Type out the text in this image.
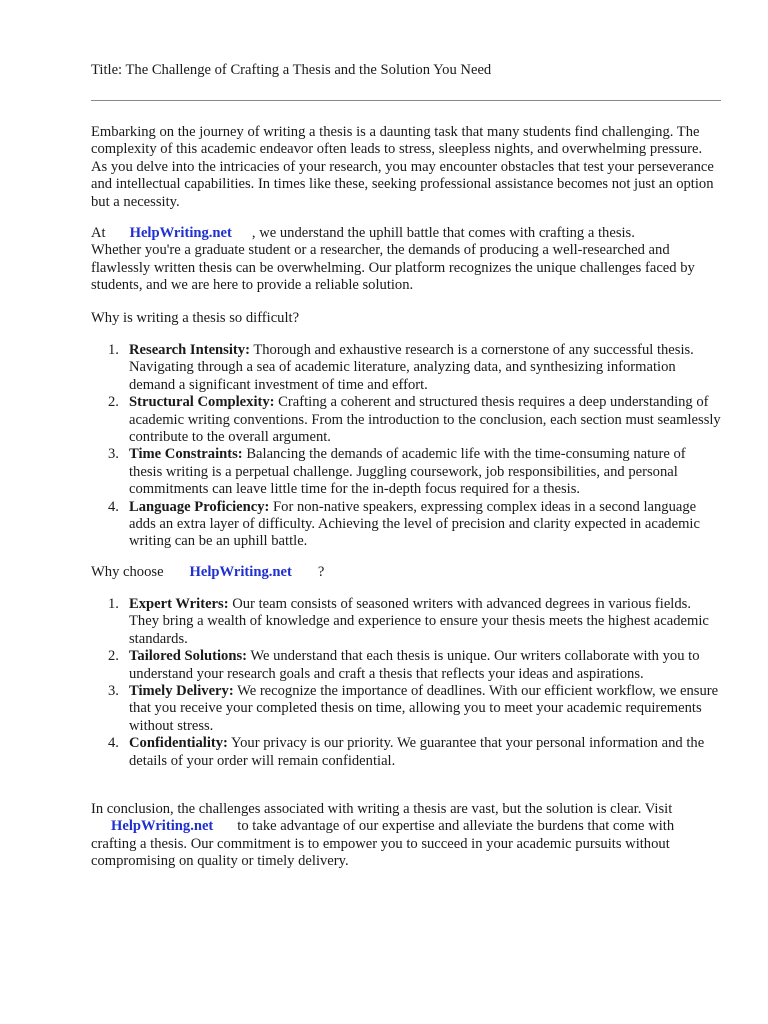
Title: The Challenge of Crafting a Thesis and the Solution You Need

Embarking on the journey of writing a thesis is a daunting task that many students find challenging. The complexity of this academic endeavor often leads to stress, sleepless nights, and overwhelming pressure. As you delve into the intricacies of your research, you may encounter obstacles that test your perseverance and intellectual capabilities. In times like these, seeking professional assistance becomes not just an option but a necessity.

At HelpWriting.net , we understand the uphill battle that comes with crafting a thesis.
Whether you're a graduate student or a researcher, the demands of producing a well-researched and flawlessly written thesis can be overwhelming. Our platform recognizes the unique challenges faced by students, and we are here to provide a reliable solution.

Why is writing a thesis so difficult?

1. Research Intensity: Thorough and exhaustive research is a cornerstone of any successful thesis. Navigating through a sea of academic literature, analyzing data, and synthesizing information demand a significant investment of time and effort.
2. Structural Complexity: Crafting a coherent and structured thesis requires a deep understanding of academic writing conventions. From the introduction to the conclusion, each section must seamlessly contribute to the overall argument.
3. Time Constraints: Balancing the demands of academic life with the time-consuming nature of thesis writing is a perpetual challenge. Juggling coursework, job responsibilities, and personal commitments can leave little time for the in-depth focus required for a thesis.
4. Language Proficiency: For non-native speakers, expressing complex ideas in a second language adds an extra layer of difficulty. Achieving the level of precision and clarity expected in academic writing can be an uphill battle.

Why choose HelpWriting.net ?

1. Expert Writers: Our team consists of seasoned writers with advanced degrees in various fields. They bring a wealth of knowledge and experience to ensure your thesis meets the highest academic standards.
2. Tailored Solutions: We understand that each thesis is unique. Our writers collaborate with you to understand your research goals and craft a thesis that reflects your ideas and aspirations.
3. Timely Delivery: We recognize the importance of deadlines. With our efficient workflow, we ensure that you receive your completed thesis on time, allowing you to meet your academic requirements without stress.
4. Confidentiality: Your privacy is our priority. We guarantee that your personal information and the details of your order will remain confidential.

In conclusion, the challenges associated with writing a thesis are vast, but the solution is clear. Visit
HelpWriting.net to take advantage of our expertise and alleviate the burdens that come with crafting a thesis. Our commitment is to empower you to succeed in your academic pursuits without compromising on quality or timely delivery.
